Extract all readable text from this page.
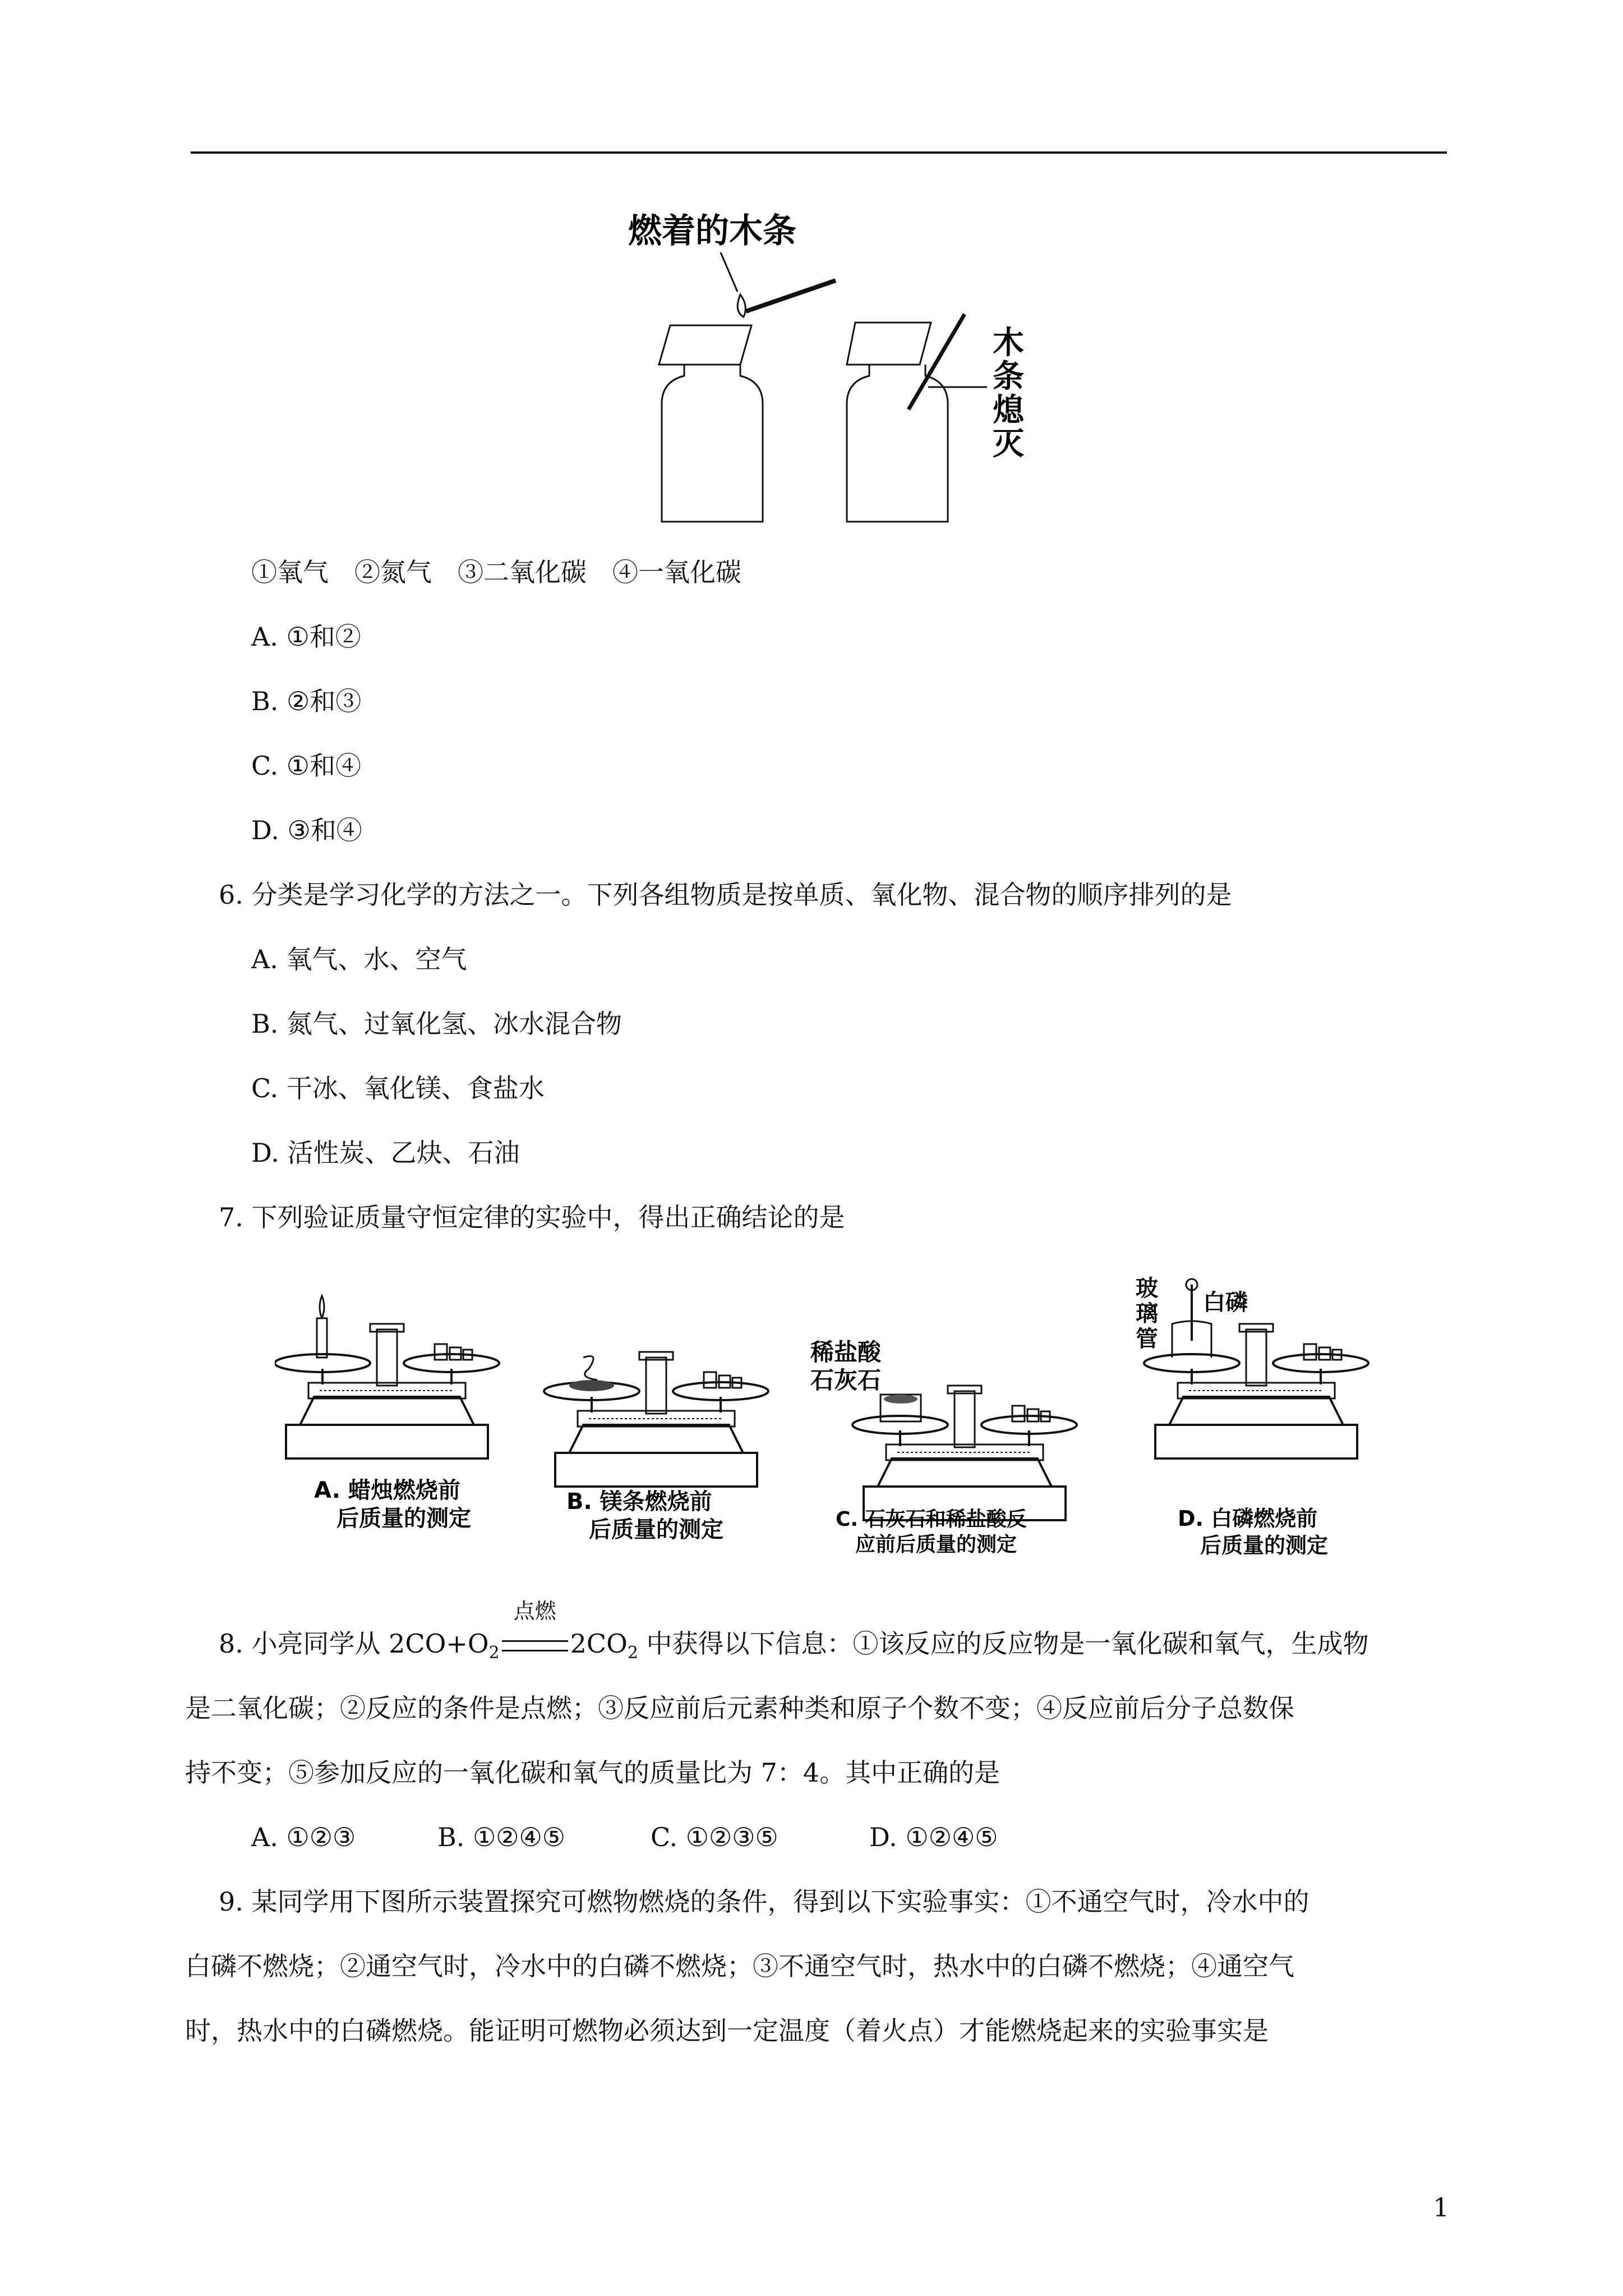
燃着的木条
木
条
熄
灭
①氧气　②氮气　③二氧化碳　④一氧化碳
A. ①和②
B. ②和③
C. ①和④
D. ③和④
6. 分类是学习化学的方法之一。下列各组物质是按单质、氧化物、混合物的顺序排列的是
A. 氧气、水、空气
B. 氮气、过氧化氢、冰水混合物
C. 干冰、氧化镁、食盐水
D. 活性炭、乙炔、石油
7. 下列验证质量守恒定律的实验中，得出正确结论的是
稀盐酸
石灰石
玻
璃
管
白磷
A. 蜡烛燃烧前
后质量的测定
B. 镁条燃烧前
后质量的测定	C. 石灰石和稀盐酸反
应前后质量的测定
D. 白磷燃烧前
后质量的测定
8. 小亮同学从 $2CO+O_2$
点燃
$2CO_2$ 中获得以下信息：①该反应的反应物是一氧化碳和氧气，生成物
是二氧化碳；②反应的条件是点燃；③反应前后元素种类和原子个数不变；④反应前后分子总数保
持不变；⑤参加反应的一氧化碳和氧气的质量比为 7：4。其中正确的是
A. ①②③	B. ①②④⑤	C. ①②③⑤	D. ①②④⑤
9. 某同学用下图所示装置探究可燃物燃烧的条件，得到以下实验事实：①不通空气时，冷水中的
白磷不燃烧；②通空气时，冷水中的白磷不燃烧；③不通空气时，热水中的白磷不燃烧；④通空气
时，热水中的白磷燃烧。能证明可燃物必须达到一定温度（着火点）才能燃烧起来的实验事实是
1
